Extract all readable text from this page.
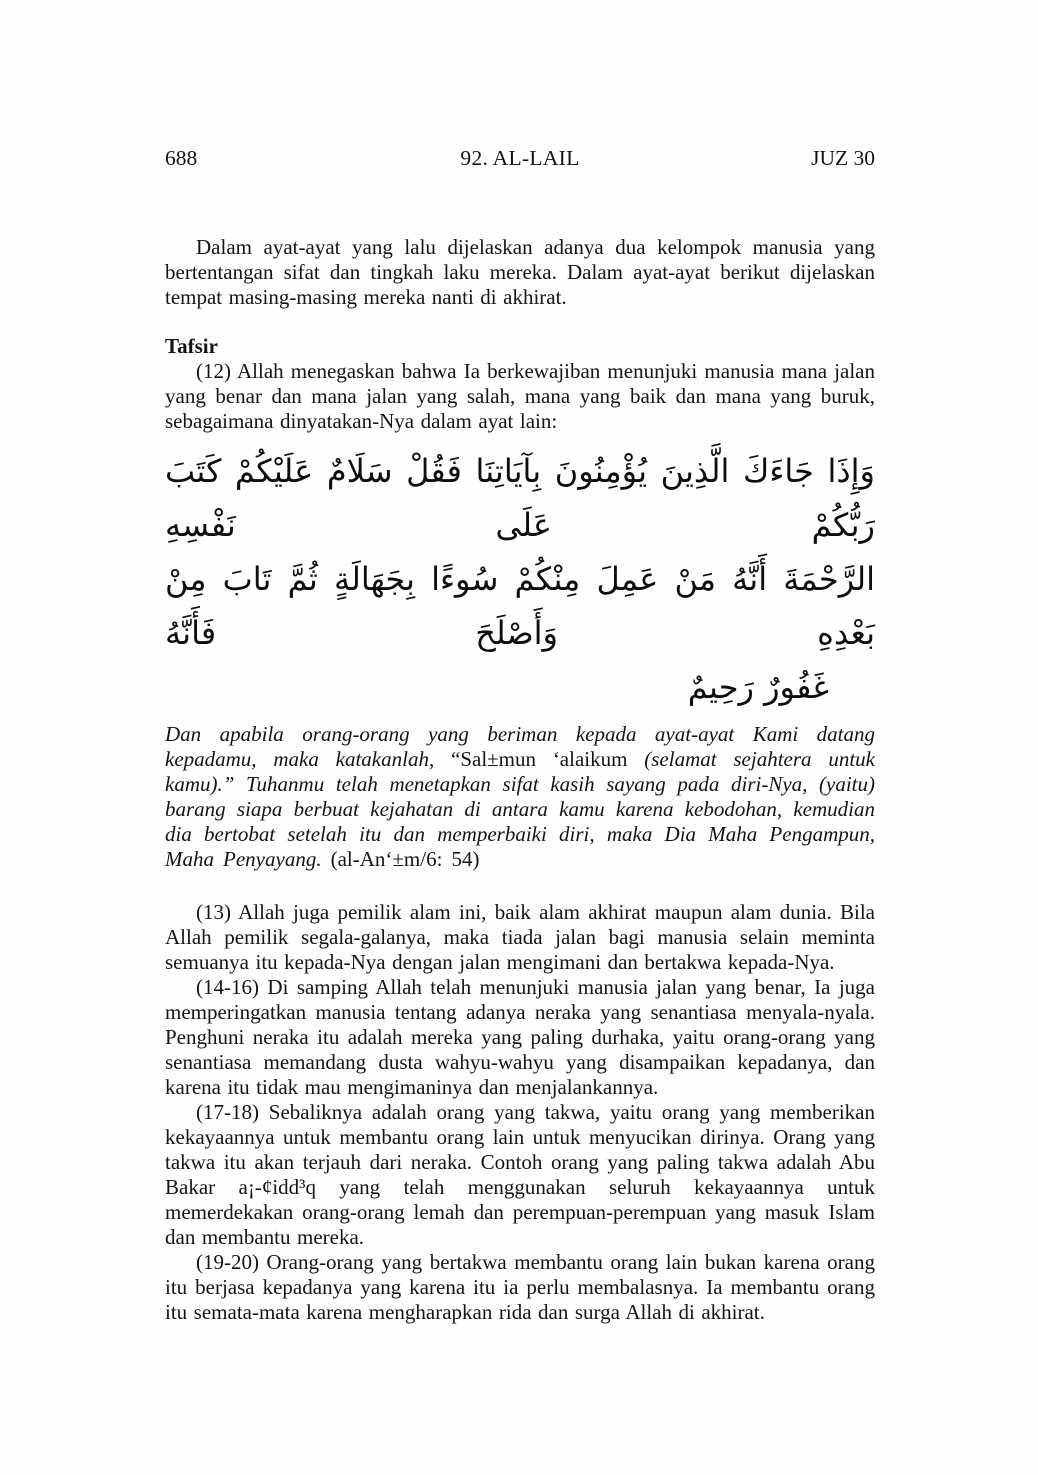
688	92. AL-LAIL	JUZ 30

Dalam ayat-ayat yang lalu dijelaskan adanya dua kelompok manusia yang bertentangan sifat dan tingkah laku mereka. Dalam ayat-ayat berikut dijelaskan tempat masing-masing mereka nanti di akhirat.

Tafsir

(12) Allah menegaskan bahwa Ia berkewajiban menunjuki manusia mana jalan yang benar dan mana jalan yang salah, mana yang baik dan mana yang buruk, sebagaimana dinyatakan-Nya dalam ayat lain:

وَإِذَا جَاءَكَ الَّذِينَ يُؤْمِنُونَ بِآيَاتِنَا فَقُلْ سَلَامٌ عَلَيْكُمْ كَتَبَ رَبُّكُمْ عَلَى نَفْسِهِ
الرَّحْمَةَ أَنَّهُ مَنْ عَمِلَ مِنْكُمْ سُوءًا بِجَهَالَةٍ ثُمَّ تَابَ مِنْ بَعْدِهِ وَأَصْلَحَ فَأَنَّهُ
غَفُورٌ رَحِيمٌ

Dan apabila orang-orang yang beriman kepada ayat-ayat Kami datang kepadamu, maka katakanlah, “Sal±mun ‘alaikum (selamat sejahtera untuk kamu).” Tuhanmu telah menetapkan sifat kasih sayang pada diri-Nya, (yaitu) barang siapa berbuat kejahatan di antara kamu karena kebodohan, kemudian dia bertobat setelah itu dan memperbaiki diri, maka Dia Maha Pengampun, Maha Penyayang. (al-An‘±m/6: 54)

(13) Allah juga pemilik alam ini, baik alam akhirat maupun alam dunia. Bila Allah pemilik segala-galanya, maka tiada jalan bagi manusia selain meminta semuanya itu kepada-Nya dengan jalan mengimani dan bertakwa kepada-Nya.

(14-16) Di samping Allah telah menunjuki manusia jalan yang benar, Ia juga memperingatkan manusia tentang adanya neraka yang senantiasa menyala-nyala. Penghuni neraka itu adalah mereka yang paling durhaka, yaitu orang-orang yang senantiasa memandang dusta wahyu-wahyu yang disampaikan kepadanya, dan karena itu tidak mau mengimaninya dan menjalankannya.

(17-18) Sebaliknya adalah orang yang takwa, yaitu orang yang memberikan kekayaannya untuk membantu orang lain untuk menyucikan dirinya. Orang yang takwa itu akan terjauh dari neraka. Contoh orang yang paling takwa adalah Abu Bakar a¡-¢idd³q yang telah menggunakan seluruh kekayaannya untuk memerdekakan orang-orang lemah dan perempuan-perempuan yang masuk Islam dan membantu mereka.

(19-20) Orang-orang yang bertakwa membantu orang lain bukan karena orang itu berjasa kepadanya yang karena itu ia perlu membalasnya. Ia membantu orang itu semata-mata karena mengharapkan rida dan surga Allah di akhirat.
